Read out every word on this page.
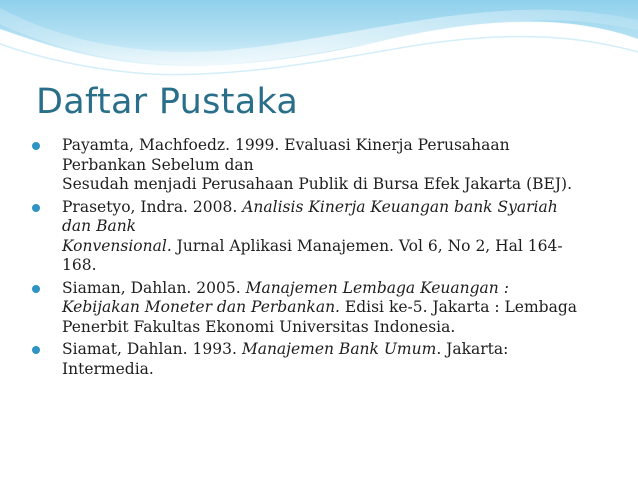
Daftar Pustaka
Payamta, Machfoedz. 1999. Evaluasi Kinerja Perusahaan
Perbankan Sebelum dan
Sesudah menjadi Perusahaan Publik di Bursa Efek Jakarta (BEJ).
Prasetyo, Indra. 2008. Analisis Kinerja Keuangan bank Syariah
dan Bank
Konvensional. Jurnal Aplikasi Manajemen. Vol 6, No 2, Hal 164-
168.
Siaman, Dahlan. 2005. Manajemen Lembaga Keuangan :
Kebijakan Moneter dan Perbankan. Edisi ke-5. Jakarta : Lembaga
Penerbit Fakultas Ekonomi Universitas Indonesia.
Siamat, Dahlan. 1993. Manajemen Bank Umum. Jakarta:
Intermedia.
